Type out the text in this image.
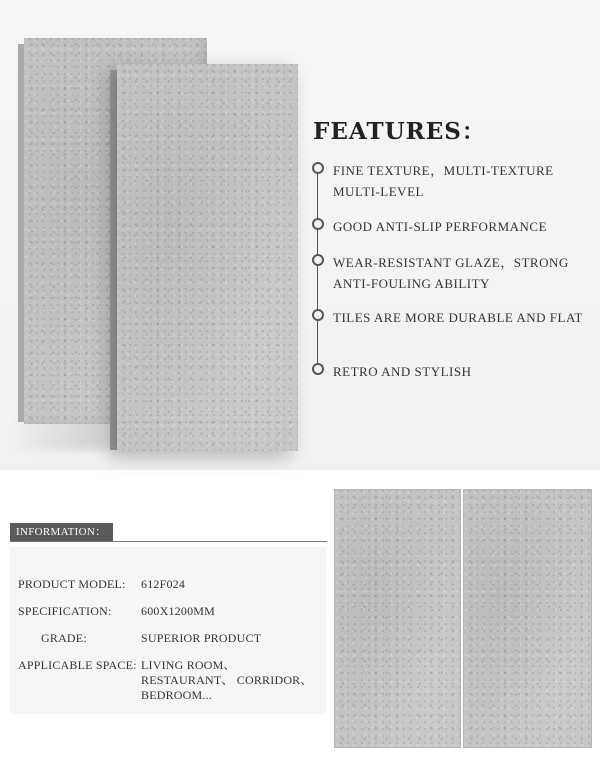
FEATURES：
FINE TEXTURE，MULTI-TEXTURE MULTI-LEVEL
GOOD ANTI-SLIP PERFORMANCE
WEAR-RESISTANT GLAZE，STRONG ANTI-FOULING ABILITY
TILES ARE MORE DURABLE AND FLAT
RETRO AND STYLISH
INFORMATION：
PRODUCT MODEL: 612F024
SPECIFICATION: 600X1200MM
GRADE:	SUPERIOR PRODUCT
APPLICABLE SPACE: LIVING ROOM、RESTAURANT、 CORRIDOR、BEDROOM...
